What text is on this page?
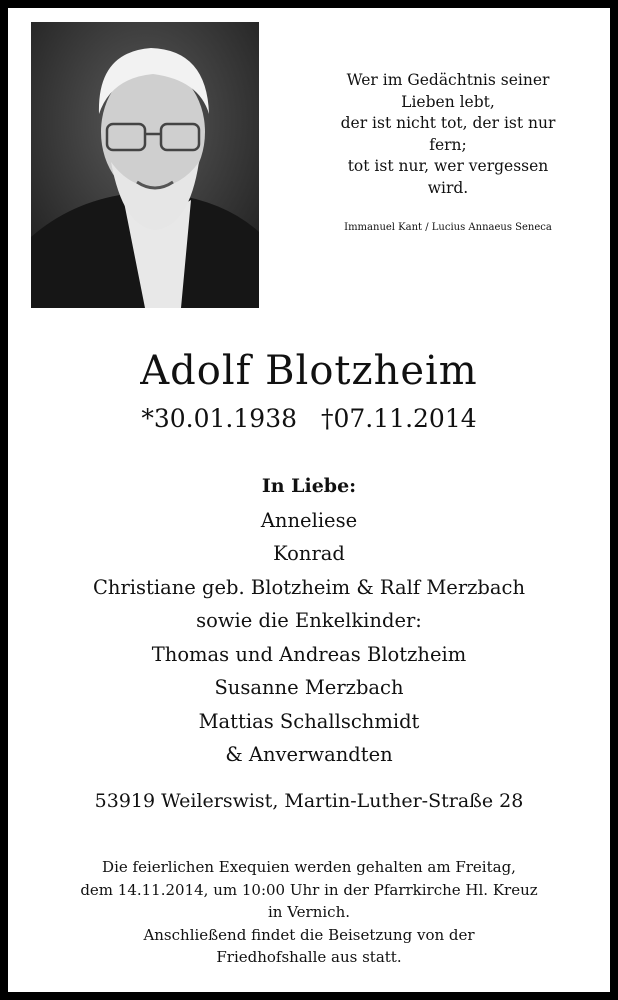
Wer im Gedächtnis seiner
Lieben lebt,
der ist nicht tot, der ist nur
fern;
tot ist nur, wer vergessen
wird.
Immanuel Kant / Lucius Annaeus Seneca
Adolf Blotzheim
*30.01.1938 †07.11.2014
In Liebe:
Anneliese
Konrad
Christiane geb. Blotzheim & Ralf Merzbach
sowie die Enkelkinder:
Thomas und Andreas Blotzheim
Susanne Merzbach
Mattias Schallschmidt
& Anverwandten
53919 Weilerswist, Martin-Luther-Straße 28
Die feierlichen Exequien werden gehalten am Freitag,
dem 14.11.2014, um 10:00 Uhr in der Pfarrkirche Hl. Kreuz
in Vernich.
Anschließend findet die Beisetzung von der
Friedhofshalle aus statt.
